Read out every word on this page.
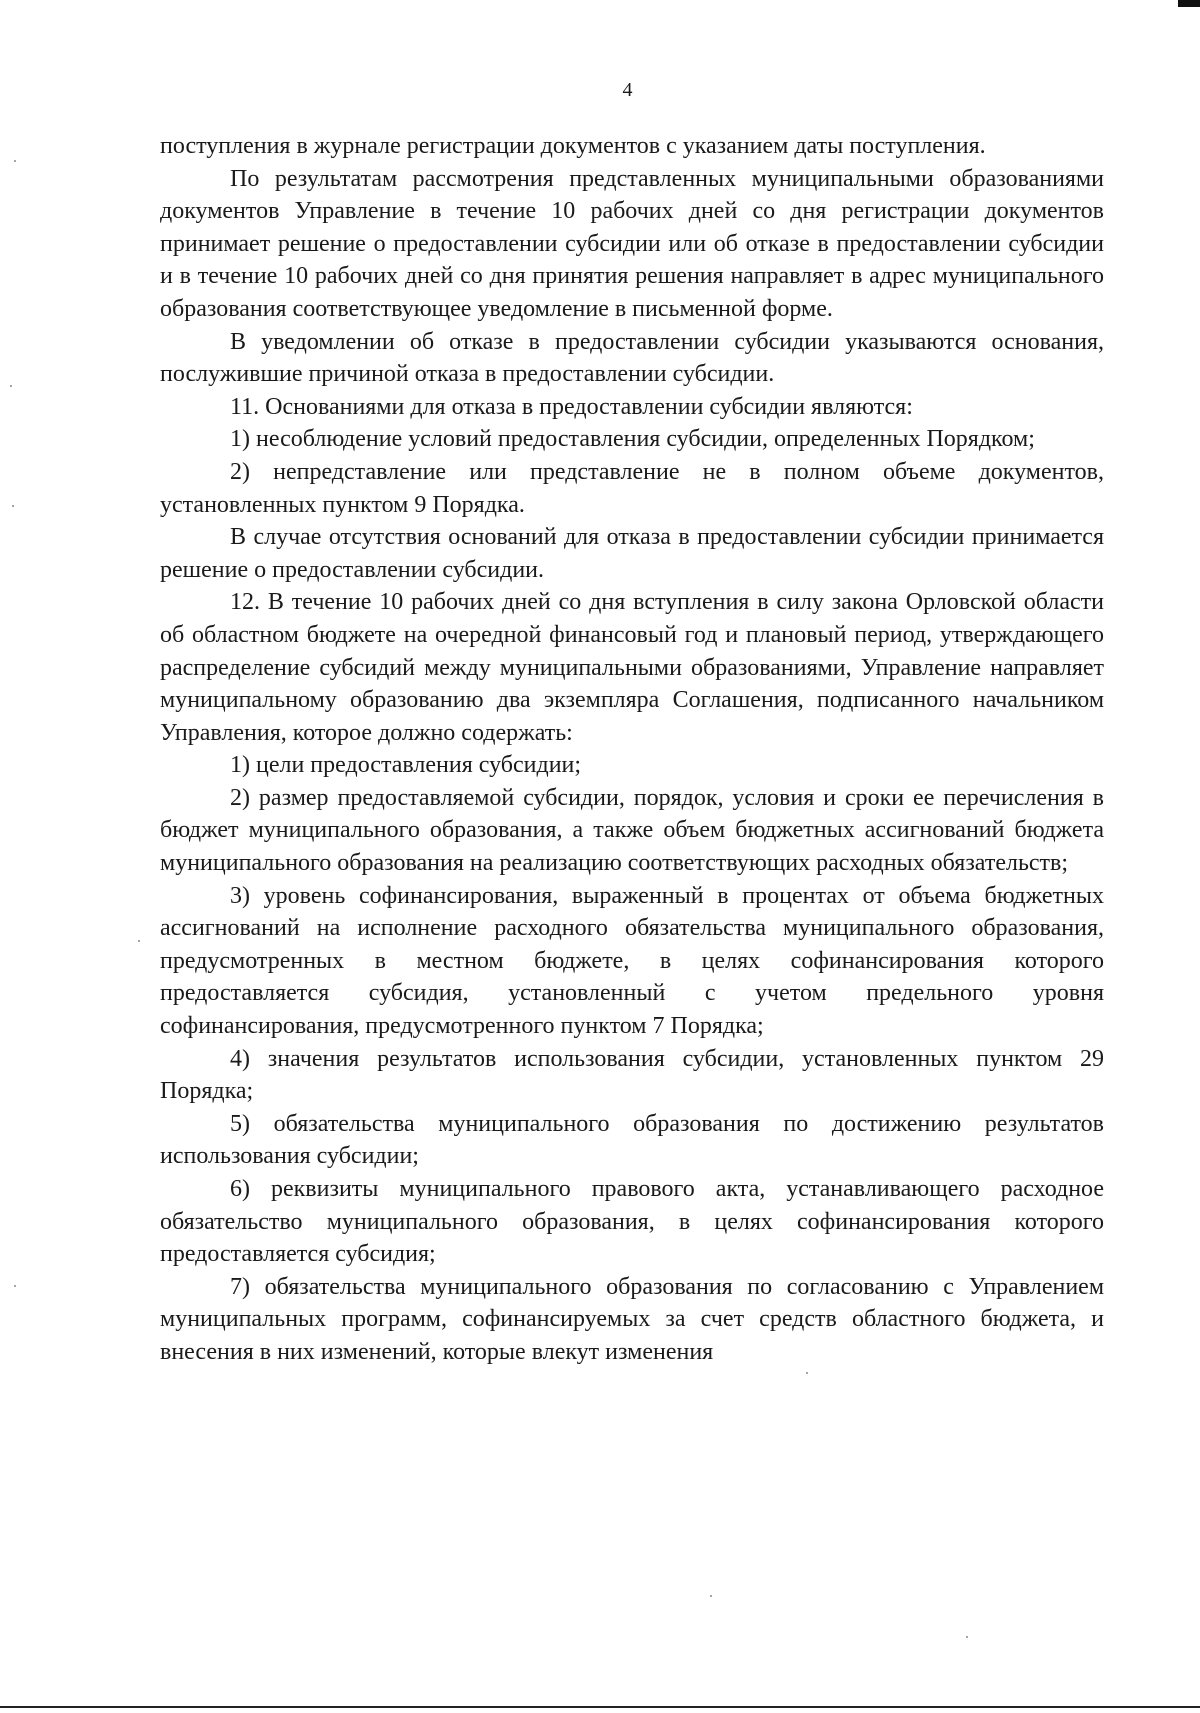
4

поступления в журнале регистрации документов с указанием даты поступления.

По результатам рассмотрения представленных муниципальными образованиями документов Управление в течение 10 рабочих дней со дня регистрации документов принимает решение о предоставлении субсидии или об отказе в предоставлении субсидии и в течение 10 рабочих дней со дня принятия решения направляет в адрес муниципального образования соответствующее уведомление в письменной форме.

В уведомлении об отказе в предоставлении субсидии указываются основания, послужившие причиной отказа в предоставлении субсидии.

11. Основаниями для отказа в предоставлении субсидии являются:

1) несоблюдение условий предоставления субсидии, определенных Порядком;

2) непредставление или представление не в полном объеме документов, установленных пунктом 9 Порядка.

В случае отсутствия оснований для отказа в предоставлении субсидии принимается решение о предоставлении субсидии.

12. В течение 10 рабочих дней со дня вступления в силу закона Орловской области об областном бюджете на очередной финансовый год и плановый период, утверждающего распределение субсидий между муниципальными образованиями, Управление направляет муниципальному образованию два экземпляра Соглашения, подписанного начальником Управления, которое должно содержать:

1) цели предоставления субсидии;

2) размер предоставляемой субсидии, порядок, условия и сроки ее перечисления в бюджет муниципального образования, а также объем бюджетных ассигнований бюджета муниципального образования на реализацию соответствующих расходных обязательств;

3) уровень софинансирования, выраженный в процентах от объема бюджетных ассигнований на исполнение расходного обязательства муниципального образования, предусмотренных в местном бюджете, в целях софинансирования которого предоставляется субсидия, установленный с учетом предельного уровня софинансирования, предусмотренного пунктом 7 Порядка;

4) значения результатов использования субсидии, установленных пунктом 29 Порядка;

5) обязательства муниципального образования по достижению результатов использования субсидии;

6) реквизиты муниципального правового акта, устанавливающего расходное обязательство муниципального образования, в целях софинансирования которого предоставляется субсидия;

7) обязательства муниципального образования по согласованию с Управлением муниципальных программ, софинансируемых за счет средств областного бюджета, и внесения в них изменений, которые влекут изменения
